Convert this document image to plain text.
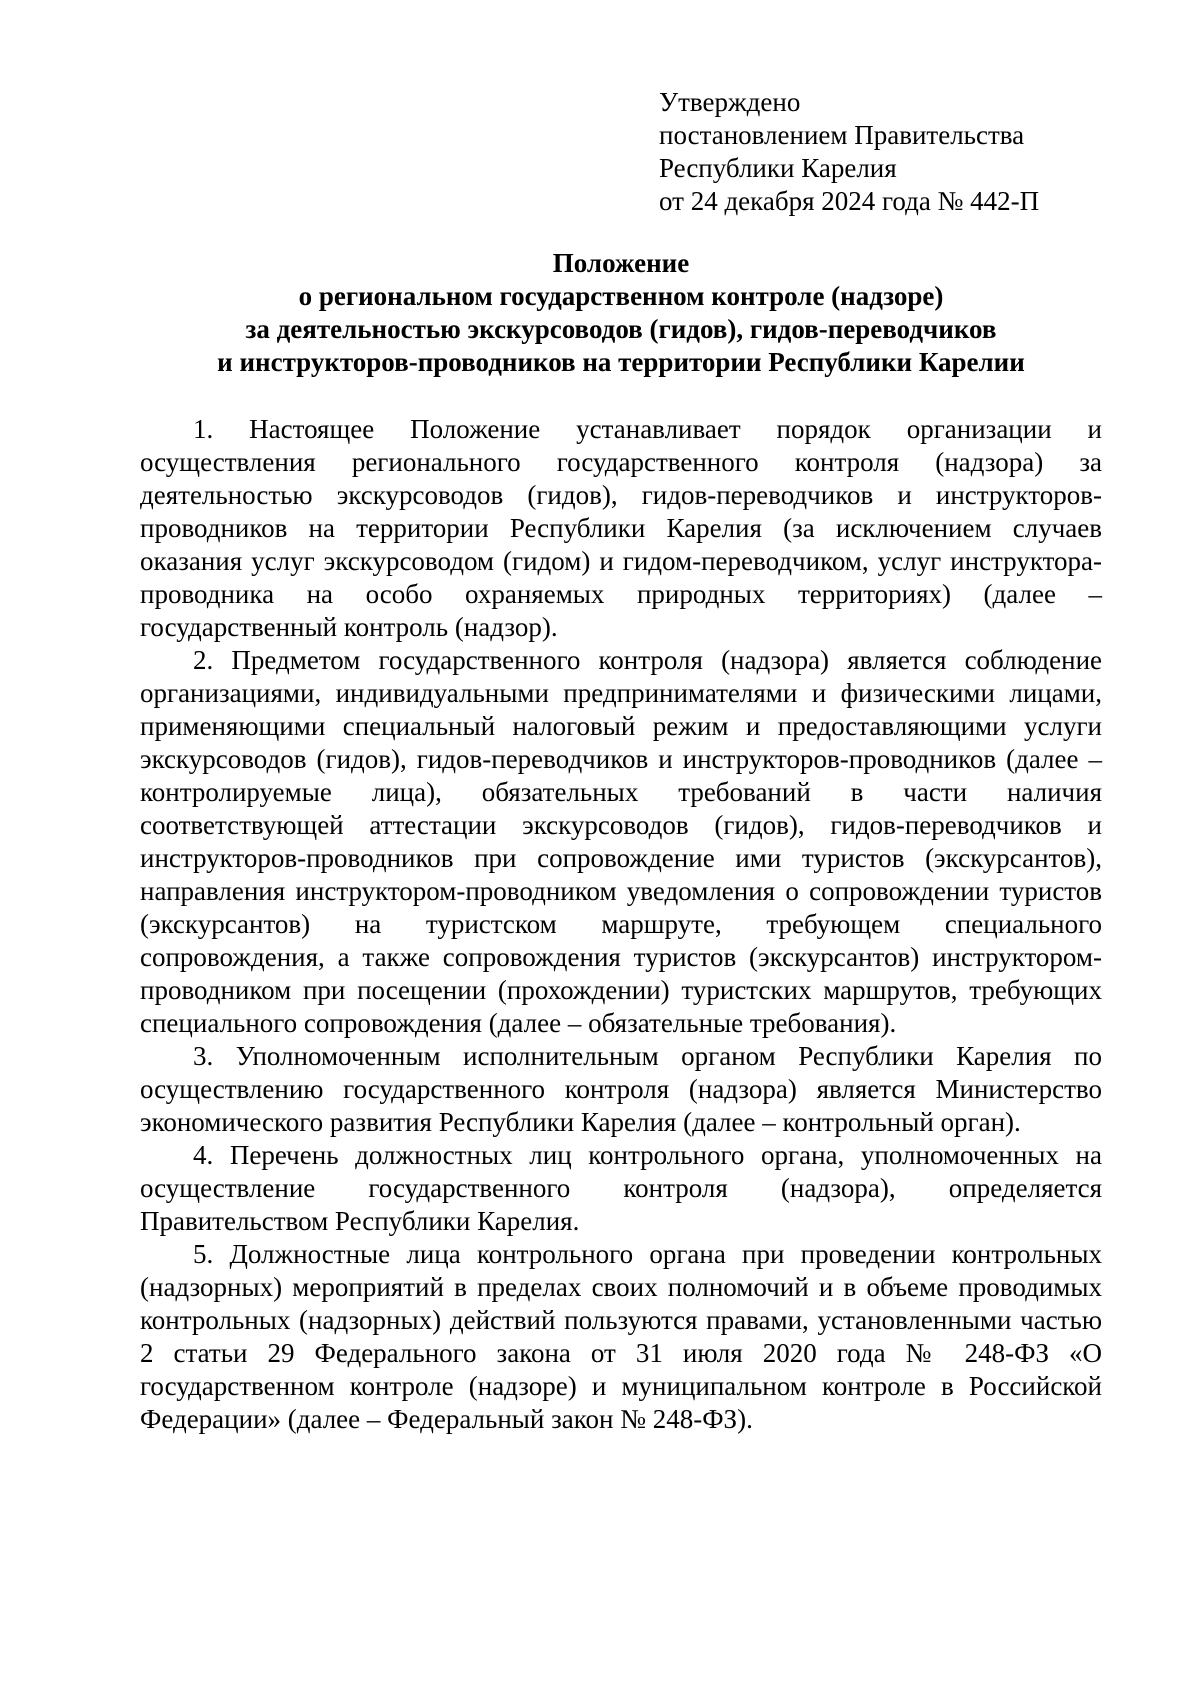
Утверждено
постановлением Правительства
Республики Карелия
от 24 декабря 2024 года № 442-П
Положение
о региональном государственном контроле (надзоре)
за деятельностью экскурсоводов (гидов), гидов-переводчиков
и инструкторов-проводников на территории Республики Карелии

1. Настоящее Положение устанавливает порядок организации и осуществления регионального государственного контроля (надзора) за деятельностью экскурсоводов (гидов), гидов-переводчиков и инструкторов-проводников на территории Республики Карелия (за исключением случаев оказания услуг экскурсоводом (гидом) и гидом-переводчиком, услуг инструктора-проводника на особо охраняемых природных территориях) (далее – государственный контроль (надзор).

2. Предметом государственного контроля (надзора) является соблюдение организациями, индивидуальными предпринимателями и физическими лицами, применяющими специальный налоговый режим и предоставляющими услуги экскурсоводов (гидов), гидов-переводчиков и инструкторов-проводников (далее – контролируемые лица), обязательных требований в части наличия соответствующей аттестации экскурсоводов (гидов), гидов-переводчиков и инструкторов-проводников при сопровождение ими туристов (экскурсантов), направления инструктором-проводником уведомления о сопровождении туристов (экскурсантов) на туристском маршруте, требующем специального сопровождения, а также сопровождения туристов (экскурсантов) инструктором-проводником при посещении (прохождении) туристских маршрутов, требующих специального сопровождения (далее – обязательные требования).

3. Уполномоченным исполнительным органом Республики Карелия по осуществлению государственного контроля (надзора) является Министерство экономического развития Республики Карелия (далее – контрольный орган).

4. Перечень должностных лиц контрольного органа, уполномоченных на осуществление государственного контроля (надзора), определяется Правительством Республики Карелия.

5. Должностные лица контрольного органа при проведении контрольных (надзорных) мероприятий в пределах своих полномочий и в объеме проводимых контрольных (надзорных) действий пользуются правами, установленными частью 2 статьи 29 Федерального закона от 31 июля 2020 года № 248-ФЗ «О государственном контроле (надзоре) и муниципальном контроле в Российской Федерации» (далее – Федеральный закон № 248-ФЗ).
